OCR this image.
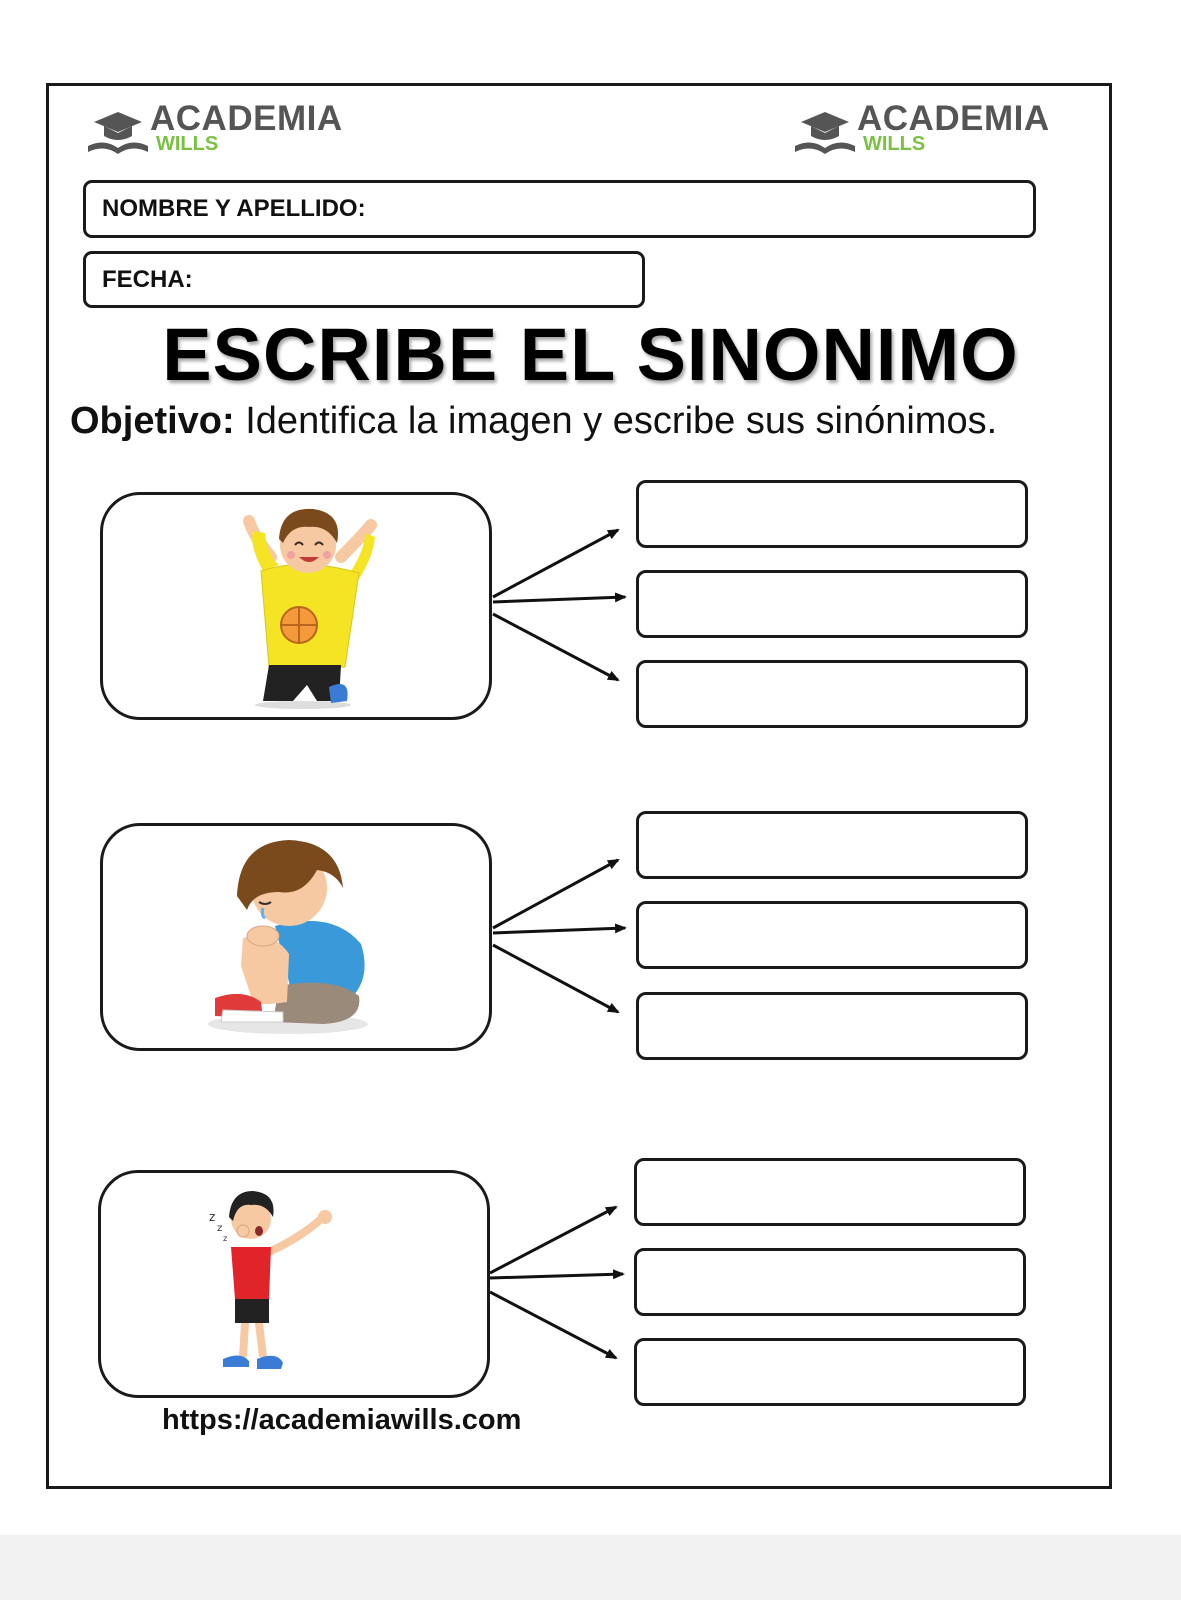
ACADEMIA
WILLS
ACADEMIA
WILLS
NOMBRE Y APELLIDO:
FECHA:
ESCRIBE EL SINONIMO
Objetivo: Identifica la imagen y escribe sus sinónimos.
z
z
z
https://academiawills.com
